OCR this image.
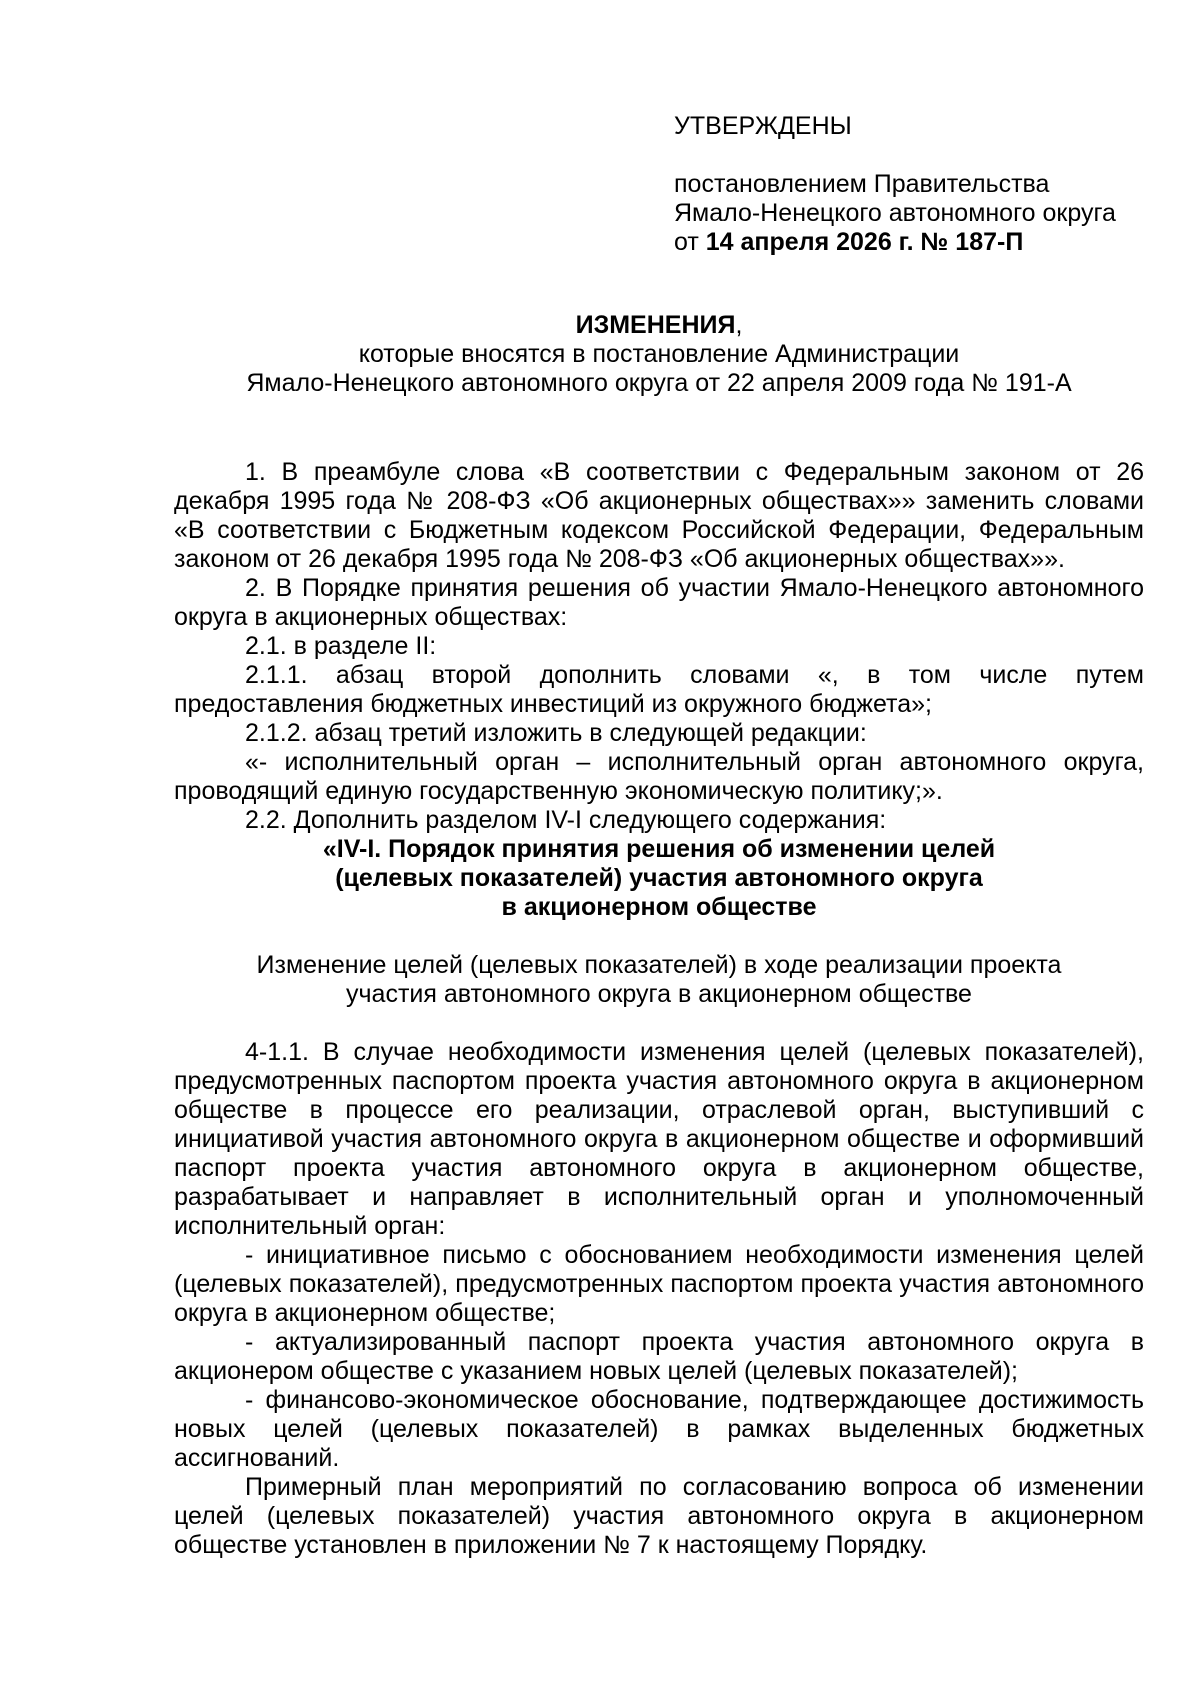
УТВЕРЖДЕНЫ
постановлением Правительства
Ямало-Ненецкого автономного округа
от 14 апреля 2026 г. № 187-П
ИЗМЕНЕНИЯ,
которые вносятся в постановление Администрации
Ямало-Ненецкого автономного округа от 22 апреля 2009 года № 191-А

1. В преамбуле слова «В соответствии с Федеральным законом от 26 декабря 1995 года № 208-ФЗ «Об акционерных обществах»» заменить словами «В соответствии с Бюджетным кодексом Российской Федерации, Федеральным законом от 26 декабря 1995 года № 208-ФЗ «Об акционерных обществах»».

2. В Порядке принятия решения об участии Ямало-Ненецкого автономного округа в акционерных обществах:

2.1. в разделе II:

2.1.1. абзац второй дополнить словами «, в том числе путем предоставления бюджетных инвестиций из окружного бюджета»;

2.1.2. абзац третий изложить в следующей редакции:

«- исполнительный орган – исполнительный орган автономного округа, проводящий единую государственную экономическую политику;».

2.2. Дополнить разделом IV-I следующего содержания:

«IV-I. Порядок принятия решения об изменении целей
(целевых показателей) участия автономного округа
в акционерном обществе
Изменение целей (целевых показателей) в ходе реализации проекта
участия автономного округа в акционерном обществе

4-1.1. В случае необходимости изменения целей (целевых показателей), предусмотренных паспортом проекта участия автономного округа в акционерном обществе в процессе его реализации, отраслевой орган, выступивший с инициативой участия автономного округа в акционерном обществе и оформивший паспорт проекта участия автономного округа в акционерном обществе, разрабатывает и направляет в исполнительный орган и уполномоченный исполнительный орган:

- инициативное письмо с обоснованием необходимости изменения целей (целевых показателей), предусмотренных паспортом проекта участия автономного округа в акционерном обществе;

- актуализированный паспорт проекта участия автономного округа в акционером обществе с указанием новых целей (целевых показателей);

- финансово-экономическое обоснование, подтверждающее достижимость новых целей (целевых показателей) в рамках выделенных бюджетных ассигнований.

Примерный план мероприятий по согласованию вопроса об изменении целей (целевых показателей) участия автономного округа в акционерном обществе установлен в приложении № 7 к настоящему Порядку.
